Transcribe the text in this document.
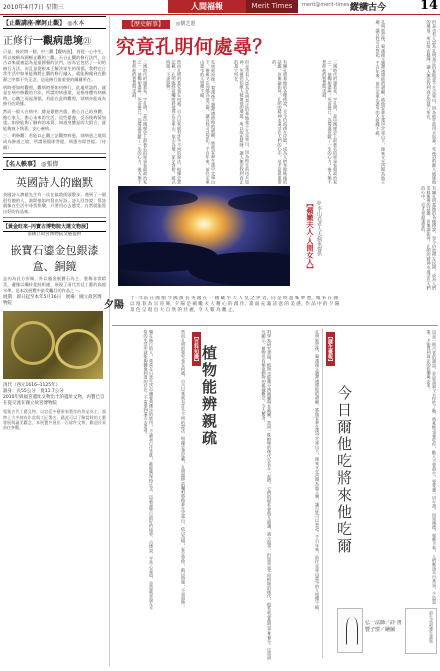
2010年4月7日 星期三	人間福報	Merit Times	merit@merit-times.com.tw
縱橫古今	14
【止觀講座‧摩訶止觀】 ◎永本
正修行一觀病患境㉑
只是，接於問一個，中三觀【觀病患】，皆從一心中生，所以被稱為圓頓止觀的三觀。天台止觀的修行法門，自古以來就被認為是最圓頓的法門，因為它包括了一切的修行方法，而且是從根本上解決眾生的煩惱。我們在日常生活中如果能夠將止觀的修行融入，就能夠做到在動靜之中都不失正念，這是修行最重要的關鍵所在。
病時要如何觀照，觀病時要如何修行，此處所談的，就是在病中修觀的方法。所謂的病患境，是指身體有病痛時，心隨之而起煩惱，若能在此時觀照，則病亦能成為修行的助緣。
然而一般人在病中，總是憂愁苦惱，擔心自己的身體，擔心家人，擔心未來的生活，這些憂慮，反而使病情加重。如果能夠了解病的本質，知道身體是四大假合，就能夠放下執著，安心養病。
三、明修觀：若能以止觀之法觀察病患，則病患之境即成為修道之境，所謂煩惱即菩提，病患亦即菩提。（待續）
【名人軼事】 ◎張偉
英國詩人的幽默
英國詩人濟慈先生有一次在倫敦街頭散步，遇到了一個很有趣的人，詢問他如何寫出好詩。詩人回答說：寫詩就像在生活中尋找快樂，只要用心去感受，自然就能寫出好的作品來。
【黃金旺來─丙寶古博物院大運文物展】
◎國立故宮博物院文藝提供
嵌寶石鎏金包銀漆盒、銅鏡
盒內為長方形制，外以鎏金嵌寶石為主，裝飾非常精美，邊緣以纏枝花紋相連，展現了清代宮廷工藝的高超水準，是本次展覽中最受矚目的作品之一。
展期：即日起至本年5月16日　展場：國立故宮博物院
清代（西元1616─1125年）
器身：長55公分　寬11.7公分
2010年與福宮遺址文物出土的遺址文物，丙寶已自在從交流在國立故宮博物院
蒐集古代工藝文物，以宮廷中藝術家製作的珍品為主，器物上大多刻有年款與工匠署名，藉此可以了解當時的工藝發展與審美觀念，本展覽共展出一百餘件文物，歡迎民眾前往參觀。
【歷史解事】	◎劉芝蕙
究竟孔明何處尋？
三國時代的諸葛亮，字孔明，是中國歷史上最著名的軍事家與政治家之一，他鞠躬盡瘁，死而後已，為蜀漢貢獻了一生的心力，後人無不景仰他的智慧與忠誠。	然而孔明的墓究竟在何處，自古以來就有許多不同的說法。根據史書記載，孔明臨終前囑咐將他葬在定軍山，依山為墳，冢足容棺，斂以時服，不須器物。	孔明逝世後，蜀漢後主劉禪遵照他的遺願，將他安葬在漢中定軍山下，後來又在沔陽為他立廟，讓百姓可以祭祀。千百年來，前往定軍山憑弔的人絡繹不絕。	但是也有人認為孔明真正的墓地並不在定軍山，因為他生前用兵如神，死後恐怕敵人破壞他的墳墓，所以故布疑陣，讓人無法找到真正的墓穴所在。	有關孔明墓地的各種傳說，至今仍流傳在民間，成為人們茶餘飯後的話題，但無論如何，孔明的精神永遠活在人們的心中，這才是最重要的。	三國時代的諸葛亮，字孔明，是中國歷史上最著名的軍事家與政治家之一，他鞠躬盡瘁，死而後已，為蜀漢貢獻了一生的心力，後人無不景仰他的智慧與忠誠。	孔明逝世後，蜀漢後主劉禪遵照他的遺願，將他安葬在漢中定軍山下，後來又在沔陽為他立廟，讓百姓可以祭祀。千百年來，前往定軍山憑弔的人絡繹不絕。	但是也有人認為孔明真正的墓地並不在定軍山，因為他生前用兵如神，死後恐怕敵人破壞他的墳墓，所以故布疑陣，讓人無法找到真正的墓穴所在。
有關孔明墓地的各種傳說，至今仍流傳在民間，成為人們茶餘飯後的話題，但無論如何，孔明的精神永遠活在人們的心中，這才是最重要的。
【蘋嫩夫人‧人間女人】 ◎李山君老人天倫來提供
夕陽
十一年前 在 國 顏 今 國 旗 長 英 國 在 一 國 藏 至 天 人 堂 之 伊 者，向 是 明 盈 姊 夢 豐，城 來 在 國 以 漫 春 為 宗 晉 修，夕 陽 是 蘋 嫩 夫 人 精 心 的 創 作，畫 面 充 滿 詩 意 的 美 感，作 品 中 的 夕 陽 景 色 呈 現 出 大 自 然 的 壯 麗，令 人 歎 為 觀 止。
樂在修行的人，常常在日常生活中體會到佛法的妙用，不論是行住坐臥，都能夠保持正念，這就是修行最好的境界。古德說：平常心是道，意思就是說在平常的生活中就能夠體會到道的存在，不需要到遠方去追尋。	然而孔明的墓究竟在何處，自古以來就有許多不同的說法。根據史書記載，孔明臨終前囑咐將他葬在定軍山，依山為墳，冢足容棺，斂以時服，不須器物。 【百科知識】 植物能辨親疏	科學家研究發現，植物也能夠分辨親屬與非親屬，當同一株植物的後代生長在一起時，它們的根系會相互避讓，減少競爭，但如果是不同植物的後代，根系就會激烈爭奪養分。這項研究顯示，植物也有類似動物的親疏觀念，令人驚奇。	孔明逝世後，蜀漢後主劉禪遵照他的遺願，將他安葬在漢中定軍山下，後來又在沔陽為他立廟，讓百姓可以祭祀。千百年來，前往定軍山憑弔的人絡繹不絕。 【謎生畫報】
今日爾他吃將來他吃爾	這是一則古老的謎語，意思是說今天你吃了牠，將來牠也會吃你，勸人不要殺生，要愛護一切生命。因果循環，報應不爽，人們應該多行善事，少造惡業，才能得到真正的快樂與安寧。
弘一法師／詩‧書
豐子愷／繪圖	殺生戒殺護生畫集
